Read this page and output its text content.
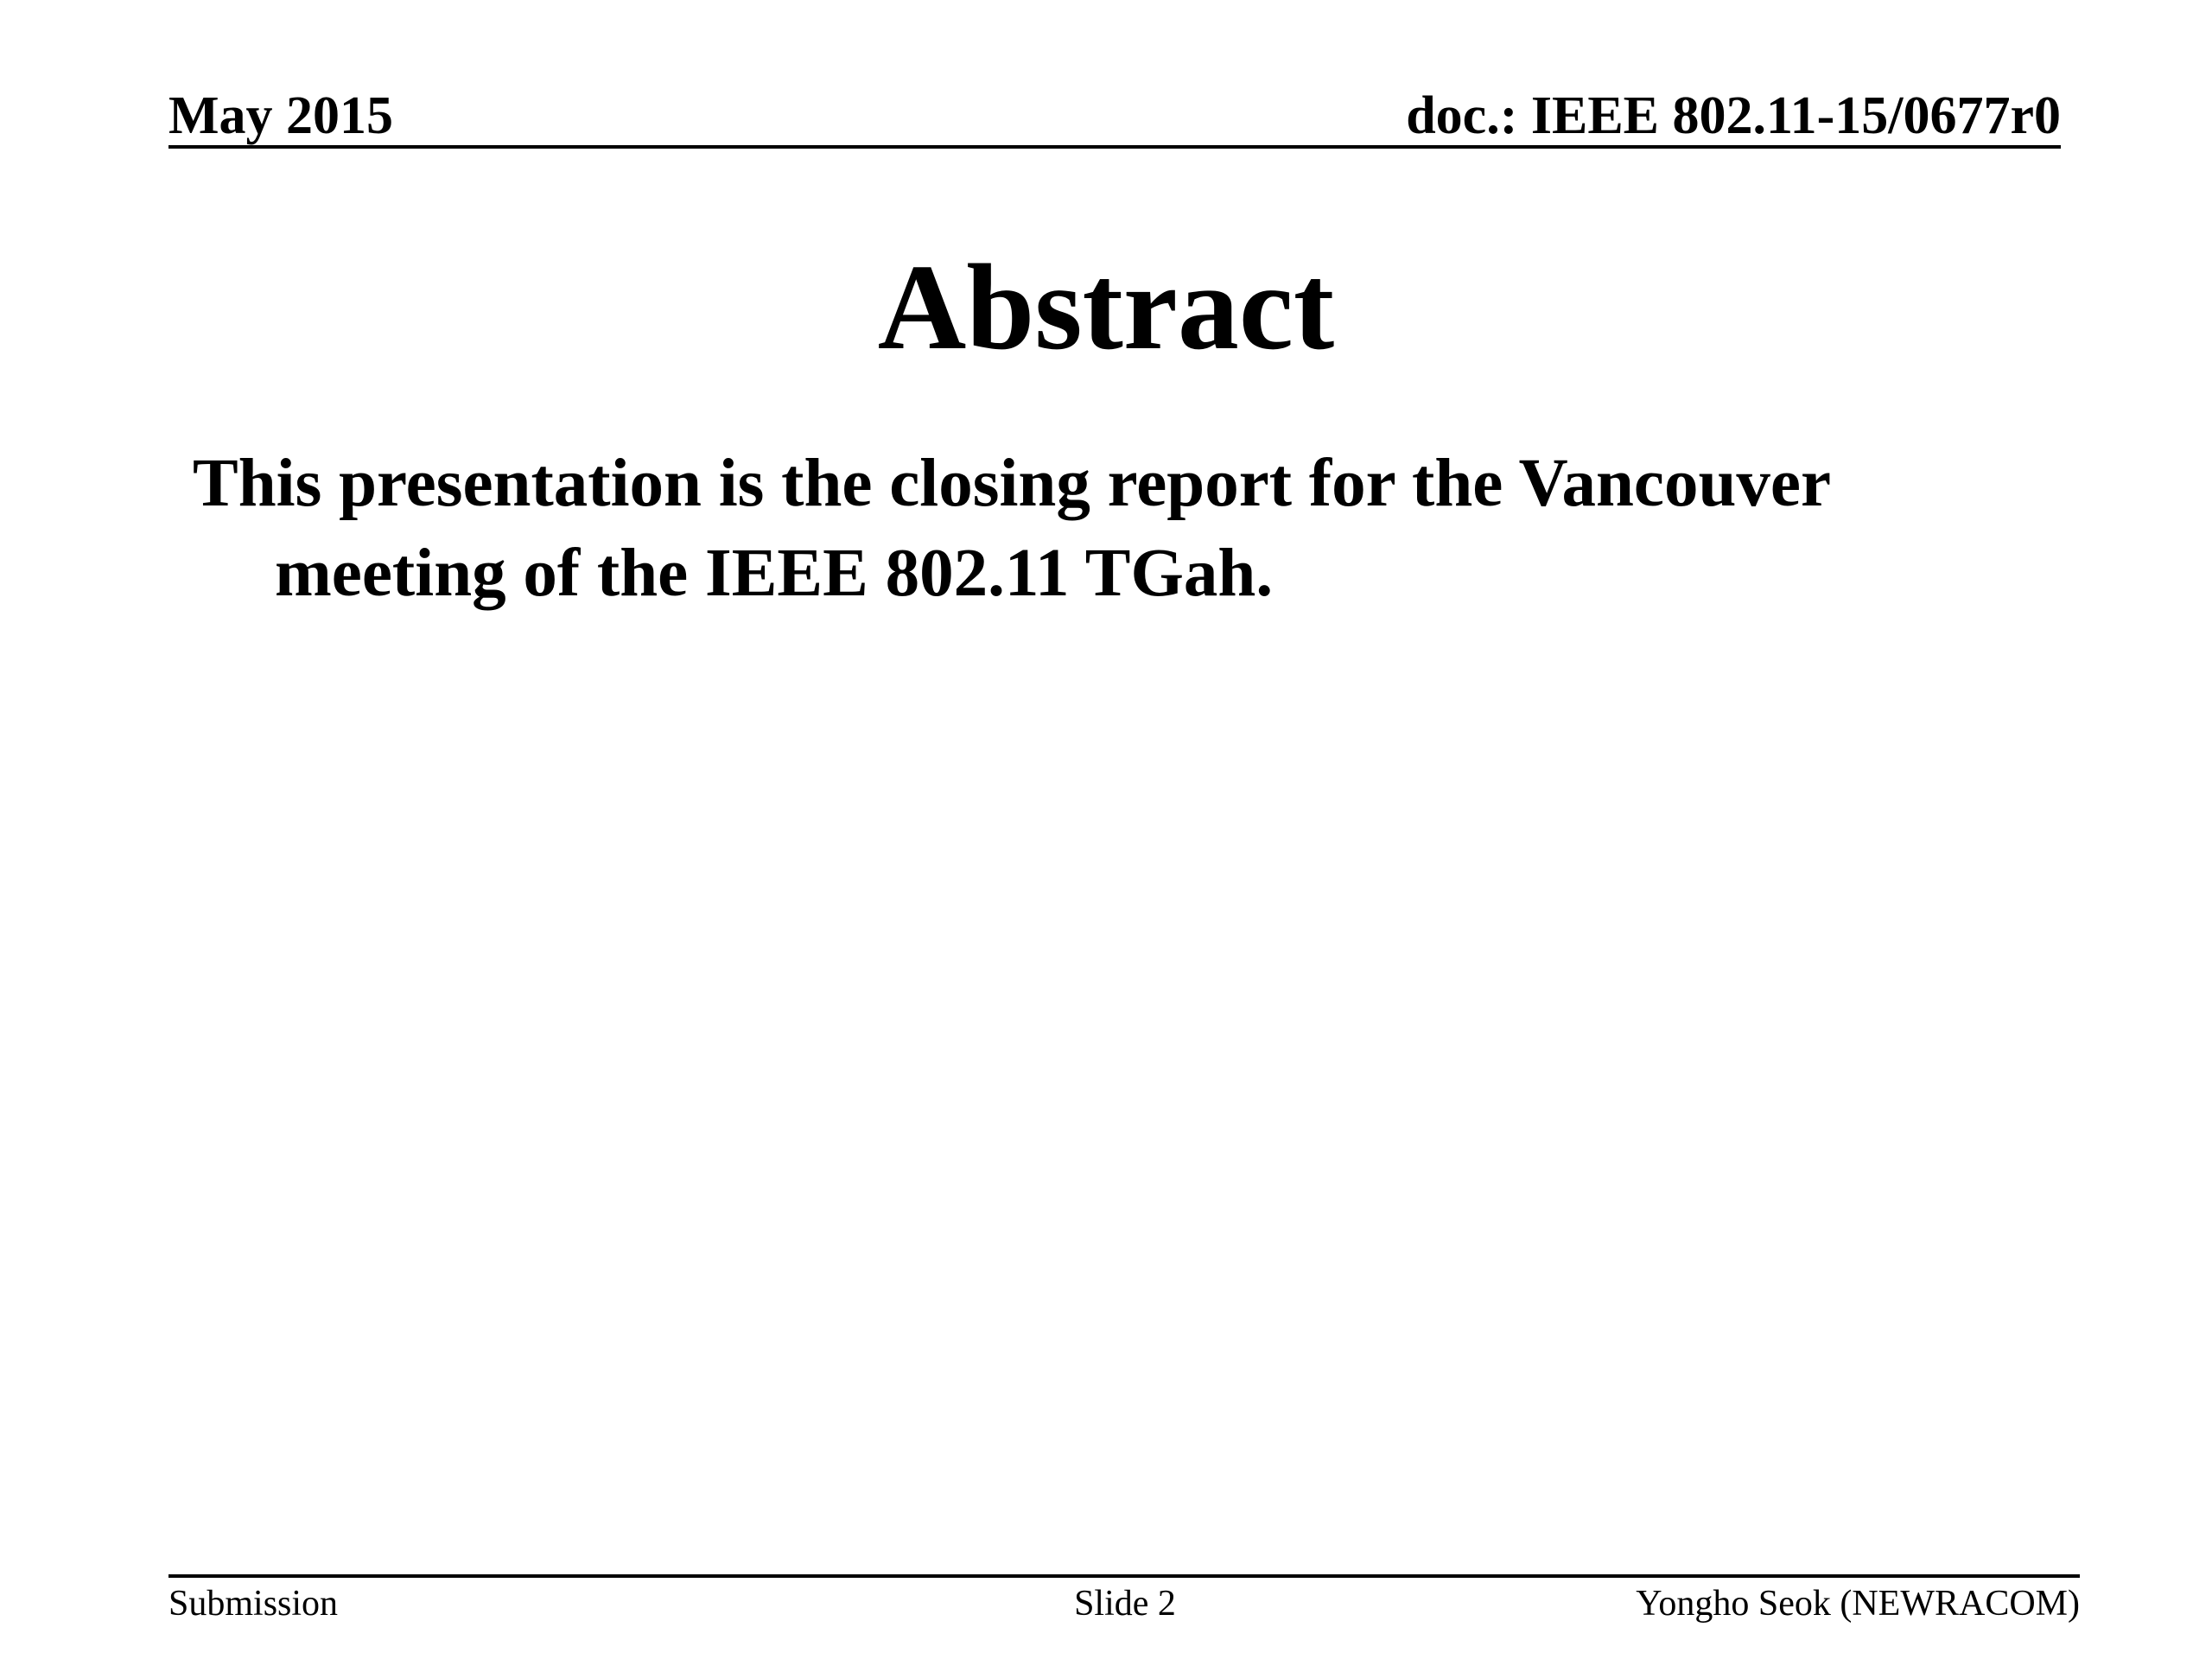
May 2015	doc.: IEEE 802.11-15/0677r0
Abstract
This presentation is the closing report for the Vancouver meeting of the IEEE 802.11 TGah.
Submission	Slide 2	Yongho Seok (NEWRACOM)
